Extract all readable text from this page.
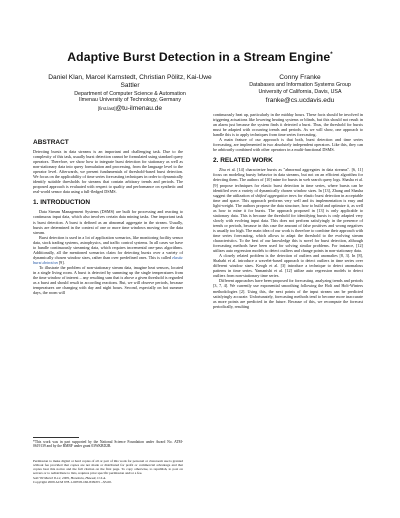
Adaptive Burst Detection in a Stream Engine*
Daniel Klan, Marcel Karnstedt, Christian Pölitz, Kai-Uwe Sattler
Department of Computer Science & Automation
Ilmenau University of Technology, Germany
[first.last]@tu-ilmenau.de
Conny Franke
Databases and Information Systems Group
University of California, Davis, USA
franke@cs.ucdavis.edu
ABSTRACT

Detecting bursts in data streams is an important and challenging task. Due to the complexity of this task, usually burst detection cannot be formulated using standard query operators. Therefore, we show how to integrate burst detection for stationary as well as non-stationary data into query formulation and processing, from the language level to the operator level. Afterwards, we present fundamentals of threshold-based burst detection. We focus on the applicability of time series forecasting techniques in order to dynamically identify suitable thresholds for streams that contain arbitrary trends and periods. The proposed approach is evaluated with respect to quality and performance on synthetic and real-world sensor data using a full-fledged DSMS.

1. INTRODUCTION

Data Stream Management Systems (DSMS) are built for processing and reacting to continuous input data, which also involves certain data mining tasks. One important task is burst detection. A burst is defined as an abnormal aggregate in the stream. Usually, bursts are determined in the context of one or more time windows moving over the data stream.

Burst detection is used in a lot of application scenarios, like monitoring facility sensor data, stock trading systems, astrophysics, and traffic control systems. In all cases we have to handle continuously streaming data, which requires incremental one-pass algorithms. Additionally, all the mentioned scenarios claim for detecting bursts over a variety of dynamically chosen window sizes, rather than over predefined ones. This is called elastic burst detection [9].

To illustrate the problem of non-stationary stream data, imagine heat sensors, located in a single living room. A burst is detected by summing up the single temperatures from the time window of interest – any resulting sum that is above a given threshold is regarded as a burst and should result in according reactions. But, we will observe periods, because temperatures are changing with day and night hours. Second, especially on hot summer days, the room will

*This work was in part supported by the National Science Foundation under Award No. ATM-0619139 and by the BMBF under grant 03WKBD2B.
Permission to make digital or hard copies of all or part of this work for personal or classroom use is granted without fee provided that copies are not made or distributed for profit or commercial advantage and that copies bear this notice and the full citation on the first page. To copy otherwise, to republish, to post on servers or to redistribute to lists, requires prior specific permission and/or a fee.
SAC'09 March 8-12, 2009, Honolulu, Hawaii, U.S.A.
Copyright 2009 ACM 978-1-60558-166-8/09/03 ...$5.00.

continuously heat up, particularly in the midday hours. These facts should be involved in triggering actuations like lowering heating systems or blinds, but this should not result in an alarm just because the system finds it detected a burst. Thus, the threshold for bursts must be adapted with occurring trends and periods. As we will show, one approach to handle this is to apply techniques from time series forecasting.

A main feature of our approach is that both, burst detection and time series forecasting, are implemented in two absolutely independent operators. Like this, they can be arbitrarily combined with other operators in a multi-functional DSMS.

2. RELATED WORK

Zhu et al. [14] characterize bursts as "abnormal aggregates in data streams". [6, 11] focus on modeling bursty behavior in data streams, but not on an efficient algorithm for detecting them. The authors of [10] mine for bursts in web search query logs. Shasha et al. [9] propose techniques for elastic burst detection in time series, where bursts can be identified over a variety of dynamically chosen window sizes. In [13], Zhang and Shasha suggest the utilization of shifted aggregation trees for elastic burst detection in acceptable time and space. This approach performs very well and its implementation is easy and light-weight. The authors propose the data structure, how to build and optimize it, as well as how to mine it for bursts. The approach proposed in [13] is only applicable to stationary data. This is because the threshold for identifying bursts is only adapted very slowly with evolving input data. This does not perform satisfyingly in the presence of trends or periods, because in this case the amount of false positives and wrong negatives is usually too high. The main idea of our work is therefore to combine their approach with time series forecasting, which allows to adapt the threshold to the evolving stream characteristics. To the best of our knowledge this is novel for burst detection, although forecasting methods have been used for solving similar problems. For instance, [12] utilizes auto regression models to detect outliers and change points in non-stationary data.

A closely related problem is the detection of outliers and anomalies [8, 3]. In [8], Shahabi et al. introduce a wavelet-based approach to detect outliers in time series over different window sizes. Keogh et al. [3] introduce a technique to detect anomalous patterns in time series. Yamanishi et al. [12] utilize auto regression models to detect outliers from non-stationary time series.

Different approaches have been proposed for forecasting, analyzing trends and periods [3, 7, 4]. We currently use exponential smoothing following the Holt and Holt-Winters methodologies [2]. Using this, the next points of the input stream can be predicted satisfyingly accurate. Unfortunately, forecasting methods tend to become more inaccurate as more points are predicted in the future. Because of this, we recompute the forecast periodically, resulting
